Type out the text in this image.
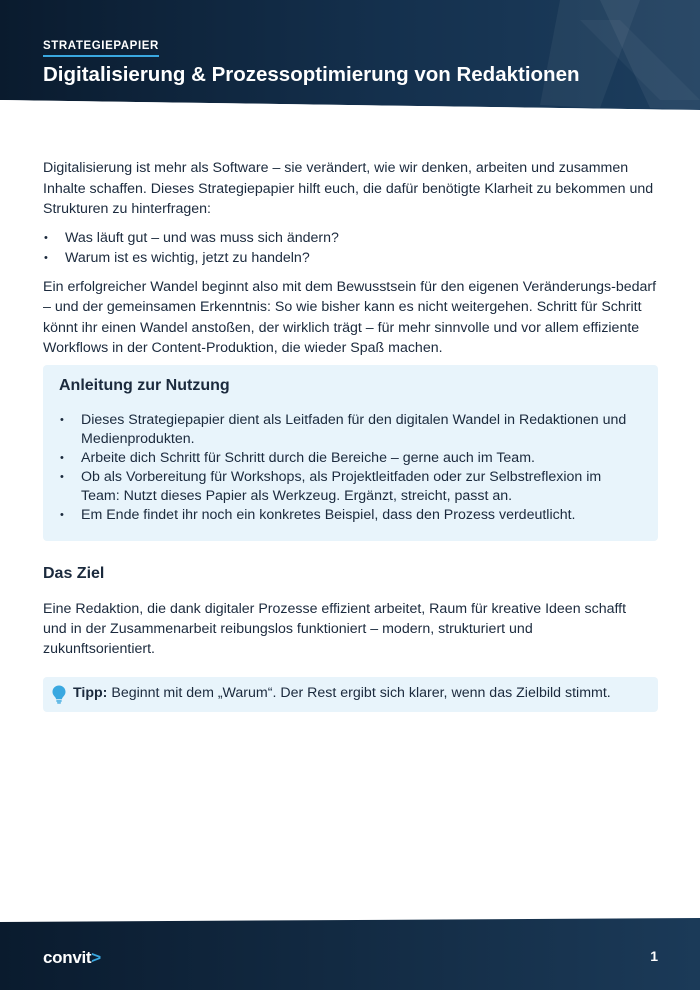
STRATEGIEPAPIER
Digitalisierung & Prozessoptimierung von Redaktionen

Digitalisierung ist mehr als Software – sie verändert, wie wir denken, arbeiten und zusammen Inhalte schaffen. Dieses Strategiepapier hilft euch, die dafür benötigte Klarheit zu bekommen und Strukturen zu hinterfragen:

• Was läuft gut – und was muss sich ändern?
• Warum ist es wichtig, jetzt zu handeln?

Ein erfolgreicher Wandel beginnt also mit dem Bewusstsein für den eigenen Veränderungs-bedarf – und der gemeinsamen Erkenntnis: So wie bisher kann es nicht weitergehen. Schritt für Schritt könnt ihr einen Wandel anstoßen, der wirklich trägt – für mehr sinnvolle und vor allem effiziente Workflows in der Content-Produktion, die wieder Spaß machen.

Anleitung zur Nutzung
• Dieses Strategiepapier dient als Leitfaden für den digitalen Wandel in Redaktionen und Medienprodukten.
• Arbeite dich Schritt für Schritt durch die Bereiche – gerne auch im Team.
• Ob als Vorbereitung für Workshops, als Projektleitfaden oder zur Selbstreflexion im Team: Nutzt dieses Papier als Werkzeug. Ergänzt, streicht, passt an.
• Em Ende findet ihr noch ein konkretes Beispiel, dass den Prozess verdeutlicht.
Das Ziel

Eine Redaktion, die dank digitaler Prozesse effizient arbeitet, Raum für kreative Ideen schafft und in der Zusammenarbeit reibungslos funktioniert – modern, strukturiert und zukunftsorientiert.

Tipp: Beginnt mit dem „Warum“. Der Rest ergibt sich klarer, wenn das Zielbild stimmt.
convit>	1
